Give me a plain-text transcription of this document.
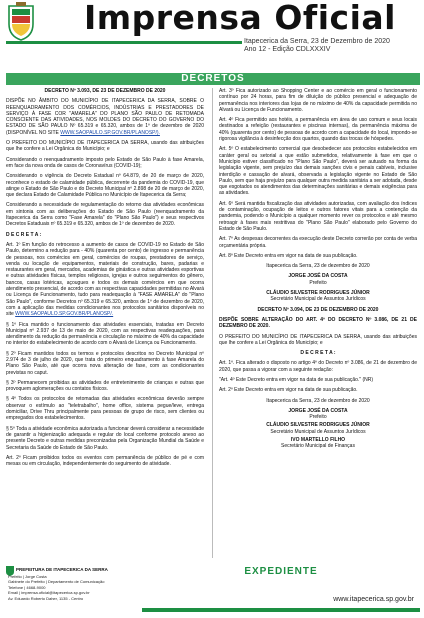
Imprensa Oficial
Itapecerica da Serra, 23 de Dezembro de 2020
Ano 12 - Edição CDLXXXIV
DECRETOS

DECRETO Nº 3.093, DE 23 DE DEZEMBRO DE 2020

DISPÕE NO ÂMBITO DO MUNICÍPIO DE ITAPECERICA DA SERRA, SOBRE O REENQUADRAMENTO DOS COMÉRCIOS, INDÚSTRIAS E PRESTADORES DE SERVIÇO À FASE COR "AMARELA" DO PLANO SÃO PAULO DE RETOMADA CONSCIENTE DAS ATIVIDADES, NOS MOLDES DO DECRETO DO GOVERNO DO ESTADO DE SÃO PAULO Nº 65.319 e 65.320, ambos de 1º de dezembro de 2020 (DISPONÍVEL NO SITE WWW.SAOPAULO.SP.GOV.BR/PLANOSP/).

O PREFEITO DO MUNICÍPIO DE ITAPECERICA DA SERRA, usando das atribuições que lhe confere a Lei Orgânica do Município; e

Considerando o reenquadramento imposto pelo Estado de São Paulo à fase Amarela, em face da nova onda de casos de Coronavírus (COVID-19);

Considerando o vigência do Decreto Estadual nº 64.879, de 20 de março de 2020, reconhece o estado de calamidade pública, decorrente da pandemia do COVID-19, que atinge o Estado de São Paulo e do Decreto Municipal nº 2.898 de 20 de março de 2020, que declara Estado de Calamidade Pública no Município de Itapecerica da Serra;

Considerando a necessidade de regulamentação do retorno das atividades econômicas em sintonia com as deliberações do Estado de São Paulo (reenquadramento da Itapecerica da Serra como "Fase Amarela" do "Plano São Paulo") e seus respectivos Decretos Estaduais nº 65.319 e 65.320, ambos de 1º de dezembro de 2020.

D E C R E T A :

Art. 1º Em função do retrocesso a aumento de casos de COVID-19 no Estado de São Paulo, determino a redução para - 40% (quarenta por cento) de ingresso e permanência de pessoas, nos comércios em geral, comércios de roupas, prestadores de serviço, venda ou locação de equipamentos, materiais de construção, bares, padarias e restaurantes em geral, mercados, academias de ginástica e outras atividades esportivas e outras atividades físicas, templos religiosos, igrejas e outros seguimentos do gênero, bancos, casas lotéricas, açougues e todos os demais comércios em que ocorra atendimento presencial, de acordo com as respectivas capacidades permitidas no Alvará ou Licença de Funcionamento, tudo para readequação à "FASE AMARELA" do "Plano São Paulo", conforme Decretos nº 65.319 e 65.320, ambos de 1º de dezembro de 2020, com a aplicação das medidas condicionantes nos protocolos sanitários disponíveis no site WWW.SAOPAULO.SP.GOV.BR/PLANOSP/.

§ 1º Fica mantido o funcionamento das atividades essenciais, tratadas em Decreto Municipal nº 2.937 de 13 de maio de 2020, com as respectivas readequações, para atendimento da redução da permanência e circulação no máximo de 40% da capacidade no interior do estabelecimento de acordo com o Alvará de Licença ou Funcionamento.

§ 2º Ficam mantidos todos os termos e protocolos descritos no Decreto Municipal nº 2.974 de 3 de julho de 2020, que trata do primeiro enquadramento à fase Amarela do Plano São Paulo, até que ocorra nova alteração de fase, com as condicionantes previstas no caput.

§ 3º Permanecem proibidas as atividades de entretenimento de crianças e outras que provoquem aglomerações ou contatos físicos.

§ 4º Todos os protocolos de retomadas das atividades econômicas deverão sempre observar o estímulo ao "teletrabalho", home office, sistema pegue/leve, entrega domiciliar, Drive Thru principalmente para pessoas de grupo de risco, sem clientes ou empregados dos estabelecimentos.

§ 5º Toda a atividade econômica autorizada a funcionar deverá considerar a necessidade de garantir a higienização adequada e regular do local conforme protocolo anexo ao presente Decreto e outras medidas preconizadas pela Organização Mundial da Saúde e Secretaria da Saúde do Estado de São Paulo.

Art. 2º Ficam proibidos todos os eventos com permanência de público de pé e com mesas ou em circulação, independentemente do seguimento de atividade.

Art. 3º Fica autorizado ao Shopping Center e ao comércio em geral o funcionamento contínuo por 24 horas, para fim de diluição do público presencial e adequação de permanência nos interiores das lojas de no máximo de 40% da capacidade permitida no Alvará ou Licença de Funcionamento.

Art. 4º Fica permitido aos hotéis, a permanência em área de uso comum e seus locais destinados a refeição (restaurantes e piscinas internas), da permanência máxima de 40% (quarenta por cento) de pessoas de acordo com a capacidade do local, impondo-se rigorosa vigilância à desinfecção dos quartos, quando das trocas de hóspedes.

Art. 5º O estabelecimento comercial que desobedecer aos protocolos estabelecidos em caráter geral ou setorial a que estão submetidos, relativamente à fase em que o Município estiver classificado no "Plano São Paulo", deverá ser autuado na forma da legislação vigente, sem prejuízo das demais sanções civis e penais cabíveis, inclusive interdição e cassação de alvará, observada a legislação vigente no Estado de São Paulo, sem que haja prejuízo para qualquer outra medida sanitária a ser adotada, desde que esgotados os atendimentos das determinações sanitárias e demais exigências para as atividades.

Art. 6º Será mantida fiscalização das atividades autorizadas, com avaliação dos índices de contaminação, ocupação de leitos e outros fatores vitais para a contenção da pandemia, podendo o Município a qualquer momento rever os protocolos e até mesmo retroagir à fases mais restritivas do "Plano São Paulo" elaborado pelo Governo do Estado de São Paulo.

Art. 7º As despesas decorrentes da execução deste Decreto correrão por conta de verba orçamentária própria.

Art. 8º Este Decreto entra em vigor na data de sua publicação.

Itapecerica da Serra, 23 de dezembro de 2020

JORGE JOSÉ DA COSTA

Prefeito

CLÁUDIO SILVESTRE RODRIGUES JÚNIOR

Secretário Municipal de Assuntos Jurídicos

DECRETO Nº 3.094, DE 23 DE DEZEMBRO DE 2020

DISPÕE SOBRE ALTERAÇÃO DO ART. 4º DO DECRETO Nº 3.086, DE 21 DE DEZEMBRO DE 2020.

O PREFEITO DO MUNICÍPIO DE ITAPECERICA DA SERRA, usando das atribuições que lhe confere a Lei Orgânica do Município; e

D E C R E T A :

Art. 1º. Fica alterado o disposto no artigo 4º do Decreto nº 3.086, de 21 de dezembro de 2020, que passa a vigorar com a seguinte redação:

"Art. 4º Este Decreto entra em vigor na data de sua publicação." (NR)

Art. 2º Este Decreto entra em vigor na data de sua publicação.

Itapecerica da Serra, 23 de dezembro de 2020

JORGE JOSÉ DA COSTA

Prefeito

CLÁUDIO SILVESTRE RODRIGUES JÚNIOR

Secretário Municipal de Assuntos Jurídicos

IVO MARTELLO FILHO

Secretário Municipal de Finanças

PREFEITURA DE ITAPECERICA DA SERRA
Prefeito | Jorge Costa
Gabinete do Prefeito | Departamento de Comunicação
Telefone | 4668-9000
Email | imprensa.oficial@itapecerica.sp.gov.br
Av. Eduardo Roberto Daher, 1135 - Centro
EXPEDIENTE
www.itapecerica.sp.gov.br
